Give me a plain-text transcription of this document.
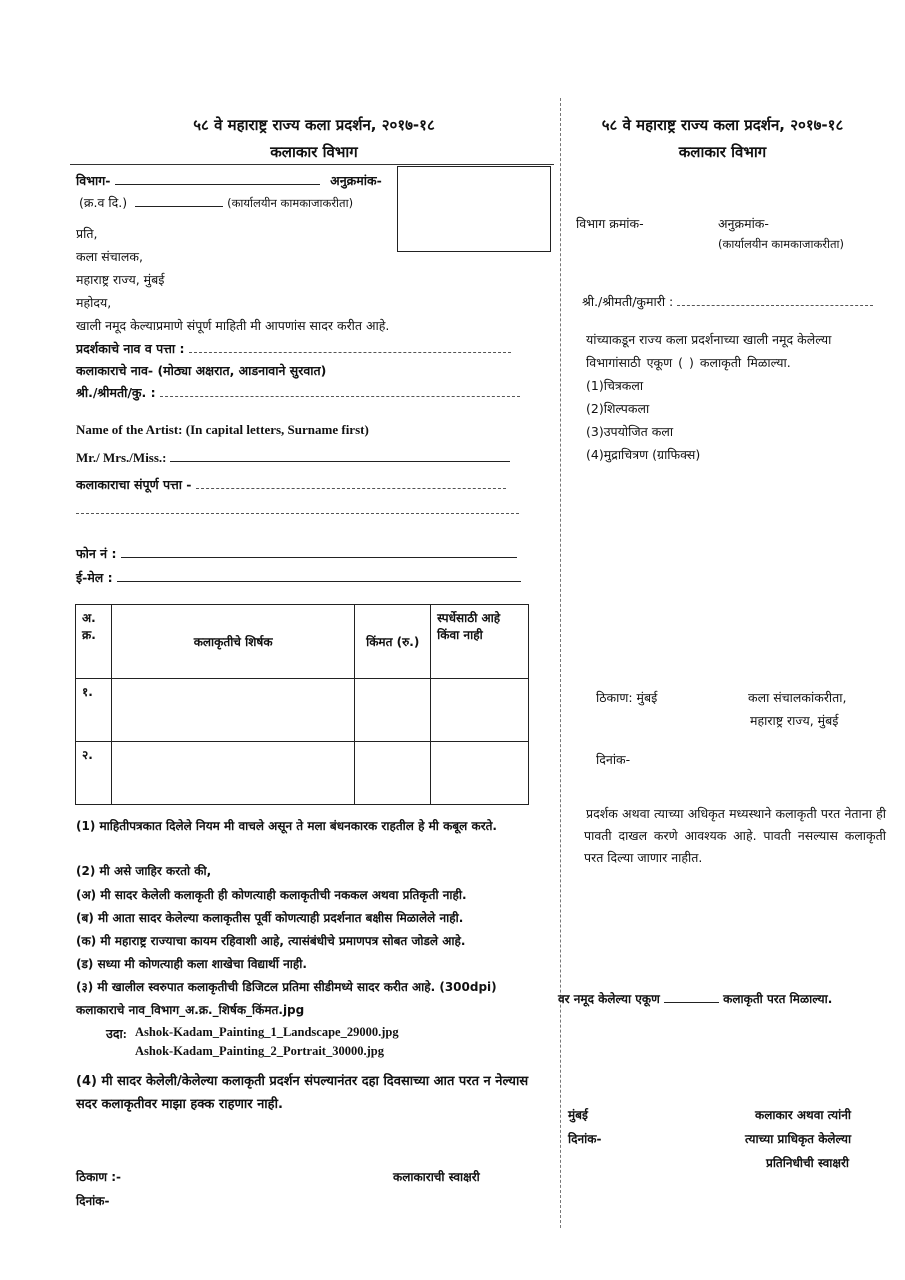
५८ वे महाराष्ट्र राज्य कला प्रदर्शन, २०१७-१८
कलाकार विभाग
विभाग-	अनुक्रमांक-
(क्र.व दि.)	(कार्यालयीन कामकाजाकरीता)
प्रति,
कला संचालक,
महाराष्ट्र राज्य, मुंबई
महोदय,
खाली नमूद केल्याप्रमाणे संपूर्ण माहिती मी आपणांस सादर करीत आहे.
प्रदर्शकाचे नाव व पत्ता :
कलाकाराचे नाव- (मोठ्या अक्षरात, आडनावाने सुरवात)
श्री./श्रीमती/कु. :
Name of the Artist: (In capital letters, Surname first)
Mr./ Mrs./Miss.:
कलाकाराचा संपूर्ण पत्ता -
फोन नं :
ई-मेल :
अ. क्र.	कलाकृतीचे शिर्षक	किंमत (रु.)	स्पर्धेसाठी आहे किंवा नाही
१.			
२.			
(1) माहितीपत्रकात दिलेले नियम मी वाचले असून ते मला बंधनकारक राहतील हे मी कबूल करते.
(2) मी असे जाहिर करतो की,
(अ) मी सादर केलेली कलाकृती ही कोणत्याही कलाकृतीची नककल अथवा प्रतिकृती नाही.
(ब) मी आता सादर केलेल्या कलाकृतीस पूर्वी कोणत्याही प्रदर्शनात बक्षीस मिळालेले नाही.
(क) मी महाराष्ट्र राज्याचा कायम रहिवाशी आहे, त्यासंबंधीचे प्रमाणपत्र सोबत जोडले आहे.
(ड) सध्या मी कोणत्याही कला शाखेचा विद्यार्थी नाही.
(३) मी खालील स्वरुपात कलाकृतीची डिजिटल प्रतिमा सीडीमध्ये सादर करीत आहे. (300dpi)
कलाकाराचे नाव_विभाग_अ.क्र._शिर्षक_किंमत.jpg
उदा: Ashok-Kadam_Painting_1_Landscape_29000.jpg
Ashok-Kadam_Painting_2_Portrait_30000.jpg
(4) मी सादर केलेली/केलेल्या कलाकृती प्रदर्शन संपल्यानंतर दहा दिवसाच्या आत परत न नेल्यास सदर कलाकृतीवर माझा हक्क राहणार नाही.
ठिकाण :-	कलाकाराची स्वाक्षरी
दिनांक-
५८ वे महाराष्ट्र राज्य कला प्रदर्शन, २०१७-१८
कलाकार विभाग
विभाग क्रमांक-	अनुक्रमांक-
(कार्यालयीन कामकाजाकरीता)
श्री./श्रीमती/कुमारी :
यांच्याकडून राज्य कला प्रदर्शनाच्या खाली नमूद केलेल्या
विभागांसाठी एकूण ( ) कलाकृती मिळाल्या.
(1)चित्रकला
(2)शिल्पकला
(3)उपयोजित कला
(4)मुद्राचित्रण (ग्राफिक्स)
ठिकाण: मुंबई	कला संचालकांकरीता,
महाराष्ट्र राज्य, मुंबई
दिनांक-
प्रदर्शक अथवा त्याच्या अधिकृत मध्यस्थाने कलाकृती परत नेताना ही पावती दाखल करणे आवश्यक आहे. पावती नसल्यास कलाकृती परत दिल्या जाणार नाहीत.
वर नमूद केलेल्या एकूण	कलाकृती परत मिळाल्या.
मुंबई	कलाकार अथवा त्यांनी
दिनांक-	त्याच्या प्राधिकृत केलेल्या
प्रतिनिधीची स्वाक्षरी
